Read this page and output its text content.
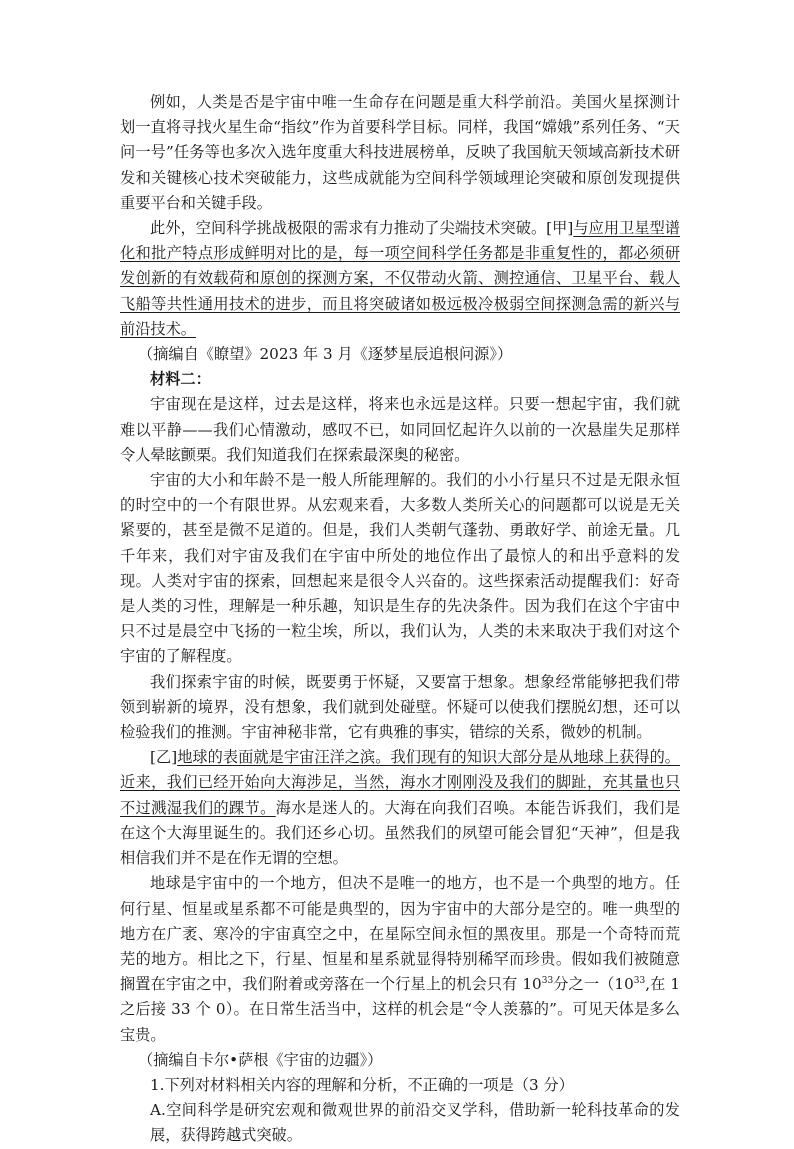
例如，人类是否是宇宙中唯一生命存在问题是重大科学前沿。美国火星探测计划一直将寻找火星生命“指纹”作为首要科学目标。同样，我国“嫦娥”系列任务、“天问一号”任务等也多次入选年度重大科技进展榜单，反映了我国航天领域高新技术研发和关键核心技术突破能力，这些成就能为空间科学领域理论突破和原创发现提供重要平台和关键手段。

此外，空间科学挑战极限的需求有力推动了尖端技术突破。[甲]与应用卫星型谱化和批产特点形成鲜明对比的是，每一项空间科学任务都是非重复性的，都必须研发创新的有效载荷和原创的探测方案，不仅带动火箭、测控通信、卫星平台、载人飞船等共性通用技术的进步，而且将突破诸如极远极冷极弱空间探测急需的新兴与前沿技术。

（摘编自《瞭望》2023 年 3 月《逐梦星辰追根问源》）

材料二：

宇宙现在是这样，过去是这样，将来也永远是这样。只要一想起宇宙，我们就难以平静——我们心情激动，感叹不已，如同回忆起许久以前的一次悬崖失足那样令人晕眩颤栗。我们知道我们在探索最深奥的秘密。

宇宙的大小和年龄不是一般人所能理解的。我们的小小行星只不过是无限永恒的时空中的一个有限世界。从宏观来看，大多数人类所关心的问题都可以说是无关紧要的，甚至是微不足道的。但是，我们人类朝气蓬勃、勇敢好学、前途无量。几千年来，我们对宇宙及我们在宇宙中所处的地位作出了最惊人的和出乎意料的发现。人类对宇宙的探索，回想起来是很令人兴奋的。这些探索活动提醒我们：好奇是人类的习性，理解是一种乐趣，知识是生存的先决条件。因为我们在这个宇宙中只不过是晨空中飞扬的一粒尘埃，所以，我们认为，人类的未来取决于我们对这个宇宙的了解程度。

我们探索宇宙的时候，既要勇于怀疑，又要富于想象。想象经常能够把我们带领到崭新的境界，没有想象，我们就到处碰壁。怀疑可以使我们摆脱幻想，还可以检验我们的推测。宇宙神秘非常，它有典雅的事实，错综的关系，微妙的机制。

[乙]地球的表面就是宇宙汪洋之滨。我们现有的知识大部分是从地球上获得的。近来，我们已经开始向大海涉足，当然，海水才刚刚没及我们的脚趾，充其量也只不过溅湿我们的踝节。海水是迷人的。大海在向我们召唤。本能告诉我们，我们是在这个大海里诞生的。我们还乡心切。虽然我们的夙望可能会冒犯“天神”，但是我相信我们并不是在作无谓的空想。

地球是宇宙中的一个地方，但决不是唯一的地方，也不是一个典型的地方。任何行星、恒星或星系都不可能是典型的，因为宇宙中的大部分是空的。唯一典型的地方在广袤、寒冷的宇宙真空之中，在星际空间永恒的黑夜里。那是一个奇特而荒芜的地方。相比之下，行星、恒星和星系就显得特别稀罕而珍贵。假如我们被随意搁置在宇宙之中，我们附着或旁落在一个行星上的机会只有 $10^{33}$分之一（$10^{33}$,在 1 之后接 33 个 0）。在日常生活当中，这样的机会是“令人羡慕的”。可见天体是多么宝贵。

（摘编自卡尔•萨根《宇宙的边疆》）

1.下列对材料相关内容的理解和分析，不正确的一项是（3 分）

A.空间科学是研究宏观和微观世界的前沿交叉学科，借助新一轮科技革命的发展，获得跨越式突破。
